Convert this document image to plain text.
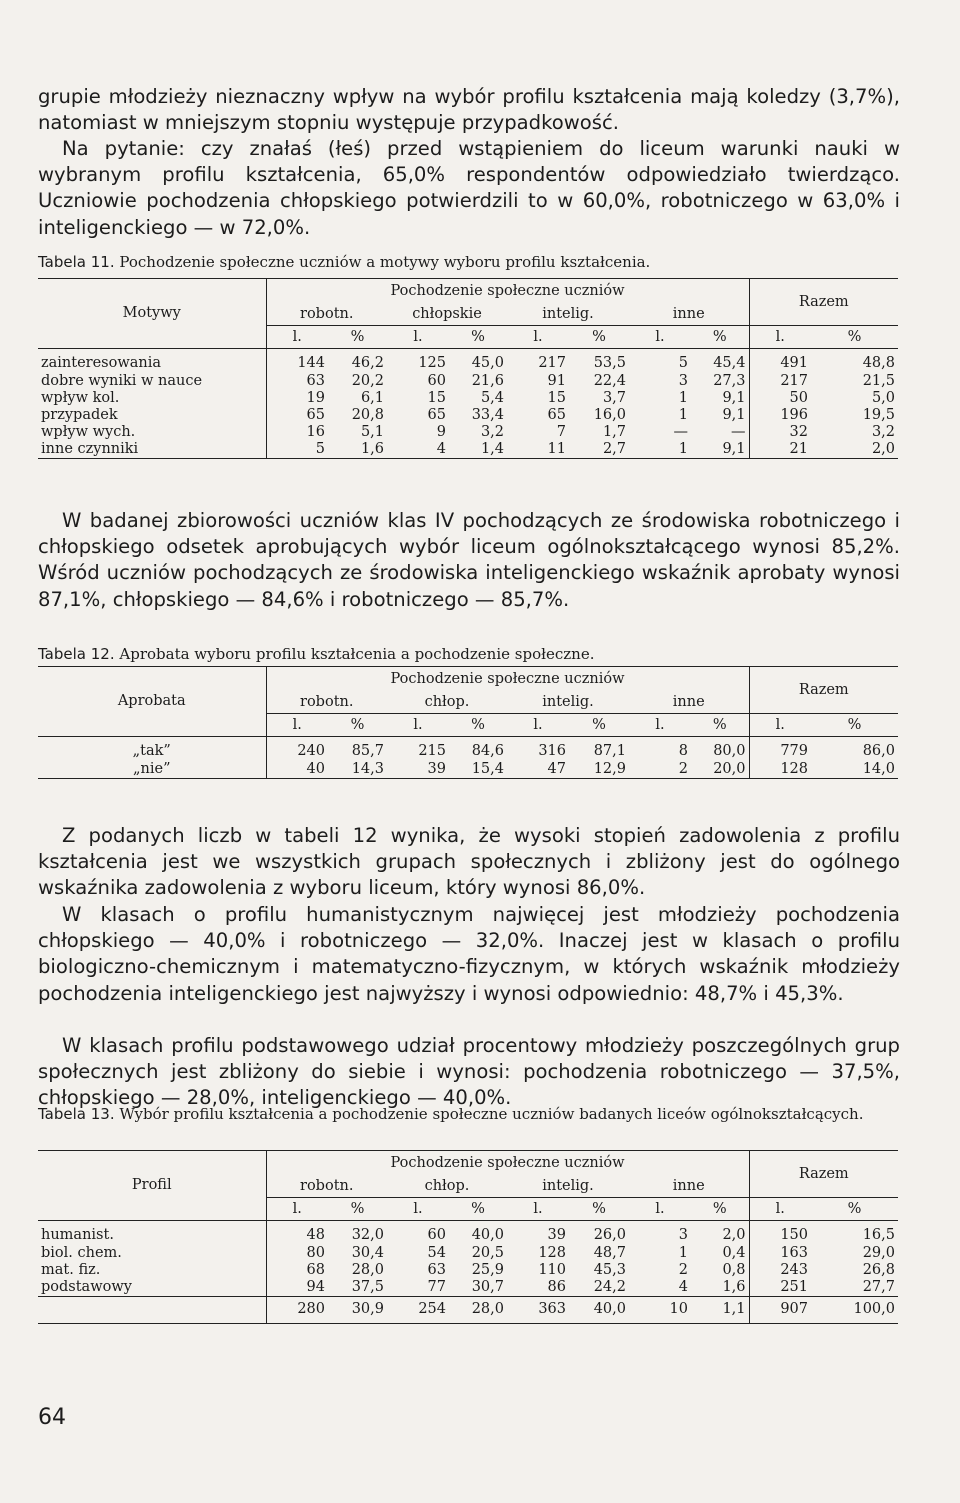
grupie młodzieży nieznaczny wpływ na wybór profilu kształcenia mają koledzy (3,7%), natomiast w mniejszym stopniu występuje przypadkowość.

Na pytanie: czy znałaś (łeś) przed wstąpieniem do liceum warunki nauki w wybranym profilu kształcenia, 65,0% respondentów odpowiedziało twierdząco. Uczniowie pochodzenia chłopskiego potwierdzili to w 60,0%, robotniczego w 63,0% i inteligenckiego — w 72,0%.

Tabela 11. Pochodzenie społeczne uczniów a motywy wyboru profilu kształcenia.

Motywy	Pochodzenie społeczne uczniów								Razem	
	robotn.		chłopskie		intelig.		inne			
	l.	%	l.	%	l.	%	l.	%	l.	%
zainteresowania	144	46,2	125	45,0	217	53,5	5	45,4	491	48,8
dobre wyniki w nauce	63	20,2	60	21,6	91	22,4	3	27,3	217	21,5
wpływ kol.	19	6,1	15	5,4	15	3,7	1	9,1	50	5,0
przypadek	65	20,8	65	33,4	65	16,0	1	9,1	196	19,5
wpływ wych.	16	5,1	9	3,2	7	1,7	—	—	32	3,2
inne czynniki	5	1,6	4	1,4	11	2,7	1	9,1	21	2,0

W badanej zbiorowości uczniów klas IV pochodzących ze środowiska robotniczego i chłopskiego odsetek aprobujących wybór liceum ogólnokształcącego wynosi 85,2%. Wśród uczniów pochodzących ze środowiska inteligenckiego wskaźnik aprobaty wynosi 87,1%, chłopskiego — 84,6% i robotniczego — 85,7%.

Tabela 12. Aprobata wyboru profilu kształcenia a pochodzenie społeczne.

Aprobata	Pochodzenie społeczne uczniów								Razem	
	robotn.		chłop.		intelig.		inne			
	l.	%	l.	%	l.	%	l.	%	l.	%
„tak”	240	85,7	215	84,6	316	87,1	8	80,0	779	86,0
„nie”	40	14,3	39	15,4	47	12,9	2	20,0	128	14,0

Z podanych liczb w tabeli 12 wynika, że wysoki stopień zadowolenia z profilu kształcenia jest we wszystkich grupach społecznych i zbliżony jest do ogólnego wskaźnika zadowolenia z wyboru liceum, który wynosi 86,0%.

W klasach o profilu humanistycznym najwięcej jest młodzieży pochodzenia chłopskiego — 40,0% i robotniczego — 32,0%. Inaczej jest w klasach o profilu biologiczno-chemicznym i matematyczno-fizycznym, w których wskaźnik młodzieży pochodzenia inteligenckiego jest najwyższy i wynosi odpowiednio: 48,7% i 45,3%.

W klasach profilu podstawowego udział procentowy młodzieży poszczególnych grup społecznych jest zbliżony do siebie i wynosi: pochodzenia robotniczego — 37,5%, chłopskiego — 28,0%, inteligenckiego — 40,0%.

Tabela 13. Wybór profilu kształcenia a pochodzenie społeczne uczniów badanych liceów ogólnokształcących.

Profil	Pochodzenie społeczne uczniów								Razem	
	robotn.		chłop.		intelig.		inne			
	l.	%	l.	%	l.	%	l.	%	l.	%
humanist.	48	32,0	60	40,0	39	26,0	3	2,0	150	16,5
biol. chem.	80	30,4	54	20,5	128	48,7	1	0,4	163	29,0
mat. fiz.	68	28,0	63	25,9	110	45,3	2	0,8	243	26,8
podstawowy	94	37,5	77	30,7	86	24,2	4	1,6	251	27,7
	280	30,9	254	28,0	363	40,0	10	1,1	907	100,0
64
